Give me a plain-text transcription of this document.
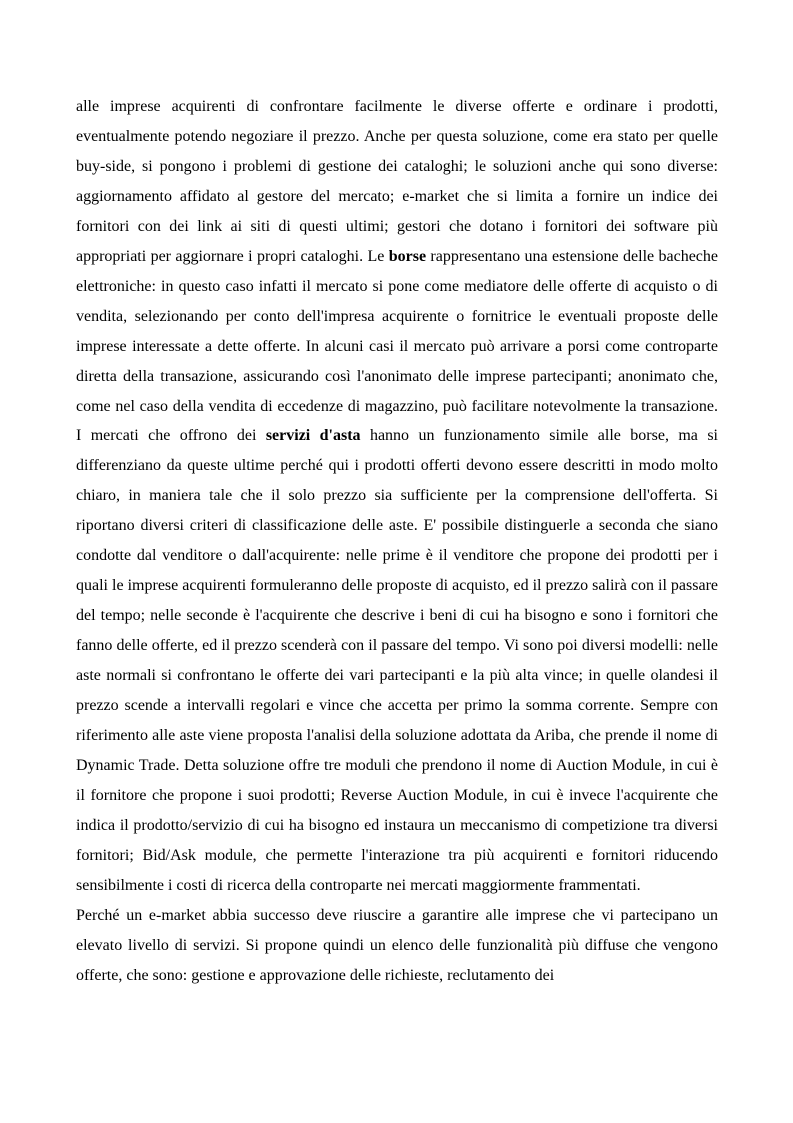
alle imprese acquirenti di confrontare facilmente le diverse offerte e ordinare i prodotti, eventualmente potendo negoziare il prezzo. Anche per questa soluzione, come era stato per quelle buy-side, si pongono i problemi di gestione dei cataloghi; le soluzioni anche qui sono diverse: aggiornamento affidato al gestore del mercato; e-market che si limita a fornire un indice dei fornitori con dei link ai siti di questi ultimi; gestori che dotano i fornitori dei software più appropriati per aggiornare i propri cataloghi. Le borse rappresentano una estensione delle bacheche elettroniche: in questo caso infatti il mercato si pone come mediatore delle offerte di acquisto o di vendita, selezionando per conto dell'impresa acquirente o fornitrice le eventuali proposte delle imprese interessate a dette offerte. In alcuni casi il mercato può arrivare a porsi come controparte diretta della transazione, assicurando così l'anonimato delle imprese partecipanti; anonimato che, come nel caso della vendita di eccedenze di magazzino, può facilitare notevolmente la transazione. I mercati che offrono dei servizi d'asta hanno un funzionamento simile alle borse, ma si differenziano da queste ultime perché qui i prodotti offerti devono essere descritti in modo molto chiaro, in maniera tale che il solo prezzo sia sufficiente per la comprensione dell'offerta. Si riportano diversi criteri di classificazione delle aste. E' possibile distinguerle a seconda che siano condotte dal venditore o dall'acquirente: nelle prime è il venditore che propone dei prodotti per i quali le imprese acquirenti formuleranno delle proposte di acquisto, ed il prezzo salirà con il passare del tempo; nelle seconde è l'acquirente che descrive i beni di cui ha bisogno e sono i fornitori che fanno delle offerte, ed il prezzo scenderà con il passare del tempo. Vi sono poi diversi modelli: nelle aste normali si confrontano le offerte dei vari partecipanti e la più alta vince; in quelle olandesi il prezzo scende a intervalli regolari e vince che accetta per primo la somma corrente. Sempre con riferimento alle aste viene proposta l'analisi della soluzione adottata da Ariba, che prende il nome di Dynamic Trade. Detta soluzione offre tre moduli che prendono il nome di Auction Module, in cui è il fornitore che propone i suoi prodotti; Reverse Auction Module, in cui è invece l'acquirente che indica il prodotto/servizio di cui ha bisogno ed instaura un meccanismo di competizione tra diversi fornitori; Bid/Ask module, che permette l'interazione tra più acquirenti e fornitori riducendo sensibilmente i costi di ricerca della controparte nei mercati maggiormente frammentati.

Perché un e-market abbia successo deve riuscire a garantire alle imprese che vi partecipano un elevato livello di servizi. Si propone quindi un elenco delle funzionalità più diffuse che vengono offerte, che sono: gestione e approvazione delle richieste, reclutamento dei
